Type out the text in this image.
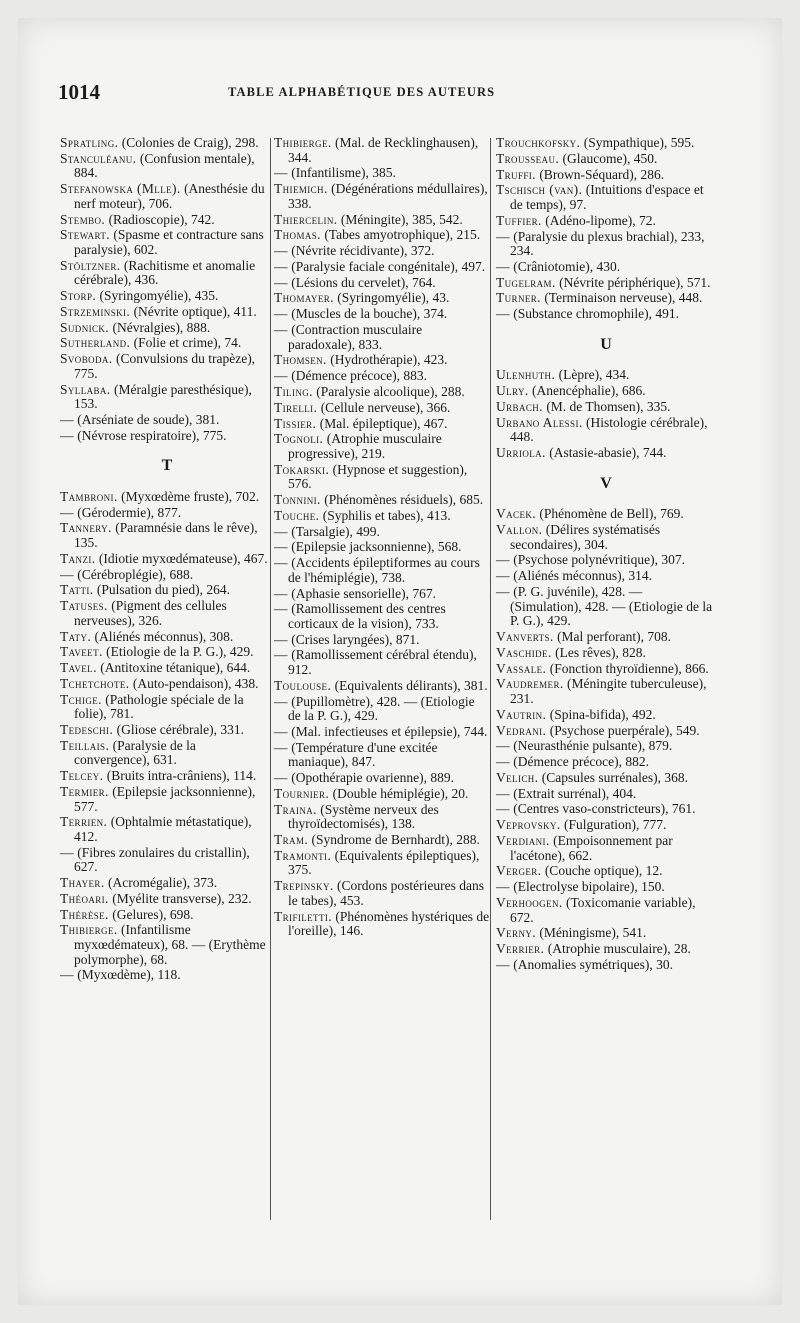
1014	TABLE ALPHABÉTIQUE DES AUTEURS
Spratling. (Colonies de Craig), 298.
Stanculéanu. (Confusion mentale), 884.
Stefanowska (Mlle). (Anesthésie du nerf moteur), 706.
Stembo. (Radioscopie), 742.
Stewart. (Spasme et contracture sans paralysie), 602.
Stöltzner. (Rachitisme et anomalie cérébrale), 436.
Storp. (Syringomyélie), 435.
Strzeminski. (Névrite optique), 411.
Sudnick. (Névralgies), 888.
Sutherland. (Folie et crime), 74.
Svoboda. (Convulsions du trapèze), 775.
Syllaba. (Méralgie paresthésique), 153.
— (Arséniate de soude), 381.
— (Névrose respiratoire), 775.
T
Tambroni. (Myxœdème frustе), 702.
— (Gérodermie), 877.
Tannery. (Paramnésie dans le rêve), 135.
Tanzi. (Idiotie myxœdémateuse), 467.
— (Cérébroplégie), 688.
Tatti. (Pulsation du pied), 264.
Tatuses. (Pigment des cellules nerveuses), 326.
Taty. (Aliénés méconnus), 308.
Taveet. (Etiologie de la P. G.), 429.
Tavel. (Antitoxine tétanique), 644.
Tchetchote. (Auto-pendaison), 438.
Tchige. (Pathologie spéciale de la folie), 781.
Tedeschi. (Gliose cérébrale), 331.
Teillais. (Paralysie de la convergence), 631.
Telcey. (Bruits intra-crâniens), 114.
Termier. (Epilepsie jacksonnienne), 577.
Terrien. (Ophtalmie métastatique), 412.
— (Fibres zonulaires du cristallin), 627.
Thayer. (Acromégalie), 373.
Théoari. (Myélite transverse), 232.
Thérèse. (Gelures), 698.
Thibierge. (Infantilisme myxœdémateux), 68. — (Erythème polymorphe), 68.
— (Myxœdème), 118.
Thibierge. (Mal. de Recklinghausen), 344.
— (Infantilisme), 385.
Thiemich. (Dégénérations médullaires), 338.
Thiercelin. (Méningite), 385, 542.
Thomas. (Tabes amyotrophique), 215.
— (Névrite récidivante), 372.
— (Paralysie faciale congénitale), 497.
— (Lésions du cervelet), 764.
Thomayer. (Syringomyélie), 43.
— (Muscles de la bouche), 374.
— (Contraction musculaire paradoxale), 833.
Thomsen. (Hydrothérapie), 423.
— (Démence précoce), 883.
Tiling. (Paralysie alcoolique), 288.
Tirelli. (Cellule nerveuse), 366.
Tissier. (Mal. épileptique), 467.
Tognoli. (Atrophie musculaire progressive), 219.
Tokarski. (Hypnose et suggestion), 576.
Tonnini. (Phénomènes résiduels), 685.
Touche. (Syphilis et tabes), 413.
— (Tarsalgie), 499.
— (Epilepsie jacksonnienne), 568.
— (Accidents épileptiformes au cours de l'hémiplégie), 738.
— (Aphasie sensorielle), 767.
— (Ramollissement des centres corticaux de la vision), 733.
— (Crises laryngées), 871.
— (Ramollissement cérébral étendu), 912.
Toulouse. (Equivalents délirants), 381.
— (Pupillomètre), 428. — (Etiologie de la P. G.), 429.
— (Mal. infectieuses et épilepsie), 744.
— (Température d'une excitée maniaque), 847.
— (Opothérapie ovarienne), 889.
Tournier. (Double hémiplégie), 20.
Traina. (Système nerveux des thyroïdectomisés), 138.
Tram. (Syndrome de Bernhardt), 288.
Tramonti. (Equivalents épileptiques), 375.
Trepinsky. (Cordons postérieures dans le tabes), 453.
Trifiletti. (Phénomènes hystériques de l'oreille), 146.
Trouchkofsky. (Sympathique), 595.
Trousseau. (Glaucome), 450.
Truffi. (Brown-Séquard), 286.
Tschisch (van). (Intuitions d'espace et de temps), 97.
Tuffier. (Adéno-lipome), 72.
— (Paralysie du plexus brachial), 233, 234.
— (Crâniotomie), 430.
Tugelram. (Névrite périphérique), 571.
Turner. (Terminaison nerveuse), 448.
— (Substance chromophile), 491.
U
Ulenhuth. (Lèpre), 434.
Ulry. (Anencéphalie), 686.
Urbach. (M. de Thomsen), 335.
Urbano Alessi. (Histologie cérébrale), 448.
Urriola. (Astasie-abasie), 744.
V
Vacek. (Phénomène de Bell), 769.
Vallon. (Délires systématisés secondaires), 304.
— (Psychose polynévritique), 307.
— (Aliénés méconnus), 314.
— (P. G. juvénile), 428. — (Simulation), 428. — (Etiologie de la P. G.), 429.
Vanverts. (Mal perforant), 708.
Vaschide. (Les rêves), 828.
Vassale. (Fonction thyroïdienne), 866.
Vaudremer. (Méningite tuberculeuse), 231.
Vautrin. (Spina-bifida), 492.
Vedrani. (Psychose puerpérale), 549.
— (Neurasthénie pulsante), 879.
— (Démence précoce), 882.
Velich. (Capsules surrénales), 368.
— (Extrait surrénal), 404.
— (Centres vaso-constricteurs), 761.
Veprovsky. (Fulguration), 777.
Verdiani. (Empoisonnement par l'acétone), 662.
Verger. (Couche optique), 12.
— (Electrolyse bipolaire), 150.
Verhoogen. (Toxicomanie variable), 672.
Verny. (Méningisme), 541.
Verrier. (Atrophie musculaire), 28.
— (Anomalies symétriques), 30.
